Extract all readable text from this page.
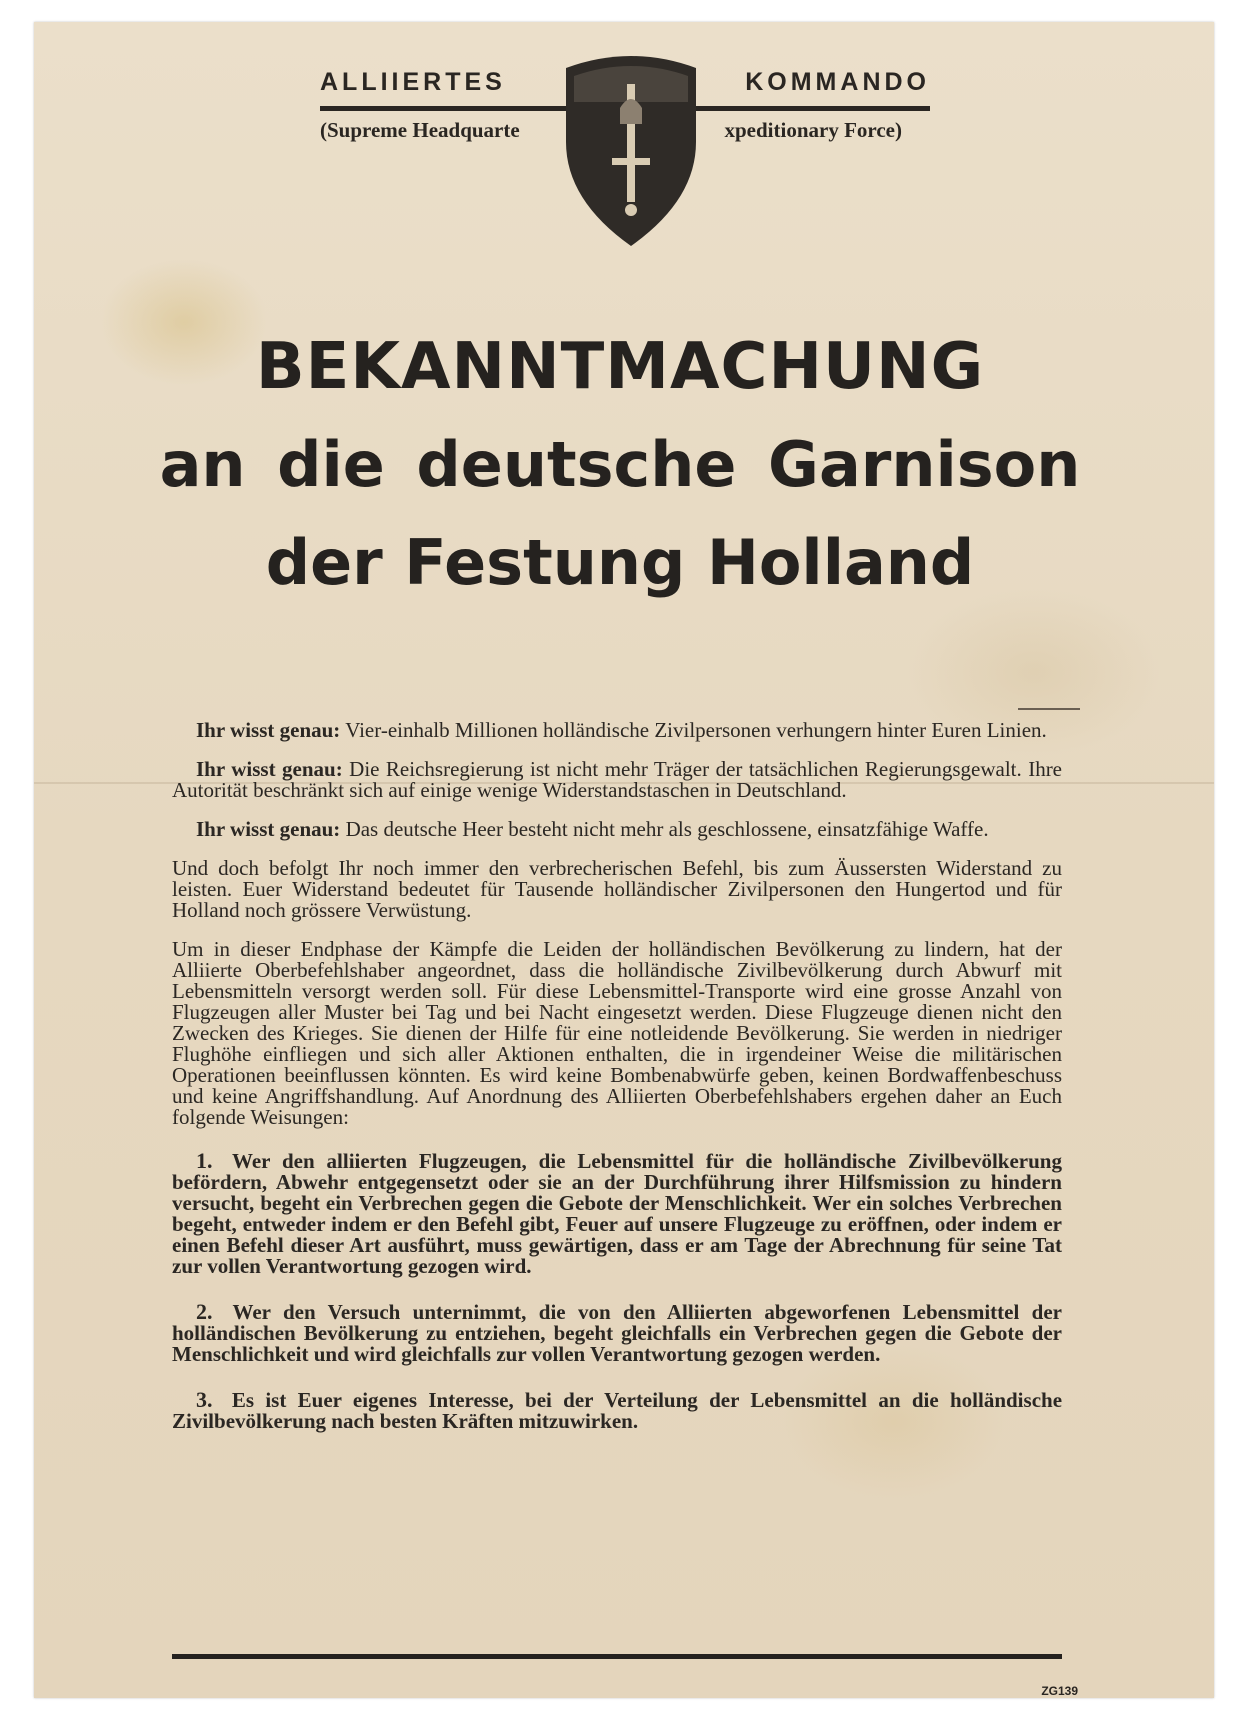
ALLIIERTES	KOMMANDO
(Supreme Headquarte	xpeditionary Force)
BEKANNTMACHUNG
an die deutsche Garnison
der Festung Holland

Ihr wisst genau: Vier-einhalb Millionen holländische Zivilpersonen verhungern hinter Euren Linien.

Ihr wisst genau: Die Reichsregierung ist nicht mehr Träger der tatsächlichen Regierungsgewalt. Ihre Autorität beschränkt sich auf einige wenige Widerstandstaschen in Deutschland.

Ihr wisst genau: Das deutsche Heer besteht nicht mehr als geschlossene, einsatzfähige Waffe.

Und doch befolgt Ihr noch immer den verbrecherischen Befehl, bis zum Äussersten Widerstand zu leisten. Euer Widerstand bedeutet für Tausende holländischer Zivilpersonen den Hungertod und für Holland noch grössere Verwüstung.

Um in dieser Endphase der Kämpfe die Leiden der holländischen Bevölkerung zu lindern, hat der Alliierte Oberbefehlshaber angeordnet, dass die holländische Zivilbevölkerung durch Abwurf mit Lebensmitteln versorgt werden soll. Für diese Lebensmittel-Transporte wird eine grosse Anzahl von Flugzeugen aller Muster bei Tag und bei Nacht eingesetzt werden. Diese Flugzeuge dienen nicht den Zwecken des Krieges. Sie dienen der Hilfe für eine notleidende Bevölkerung. Sie werden in niedriger Flughöhe einfliegen und sich aller Aktionen enthalten, die in irgendeiner Weise die militärischen Operationen beeinflussen könnten. Es wird keine Bombenabwürfe geben, keinen Bordwaffenbeschuss und keine Angriffshandlung. Auf Anordnung des Alliierten Oberbefehlshabers ergehen daher an Euch folgende Weisungen:

1. Wer den alliierten Flugzeugen, die Lebensmittel für die holländische Zivilbevölkerung befördern, Abwehr entgegensetzt oder sie an der Durchführung ihrer Hilfsmission zu hindern versucht, begeht ein Verbrechen gegen die Gebote der Menschlichkeit. Wer ein solches Verbrechen begeht, entweder indem er den Befehl gibt, Feuer auf unsere Flugzeuge zu eröffnen, oder indem er einen Befehl dieser Art ausführt, muss gewärtigen, dass er am Tage der Abrechnung für seine Tat zur vollen Verantwortung gezogen wird.

2. Wer den Versuch unternimmt, die von den Alliierten abgeworfenen Lebensmittel der holländischen Bevölkerung zu entziehen, begeht gleichfalls ein Verbrechen gegen die Gebote der Menschlichkeit und wird gleichfalls zur vollen Verantwortung gezogen werden.

3. Es ist Euer eigenes Interesse, bei der Verteilung der Lebensmittel an die holländische Zivilbevölkerung nach besten Kräften mitzuwirken.

ZG139
